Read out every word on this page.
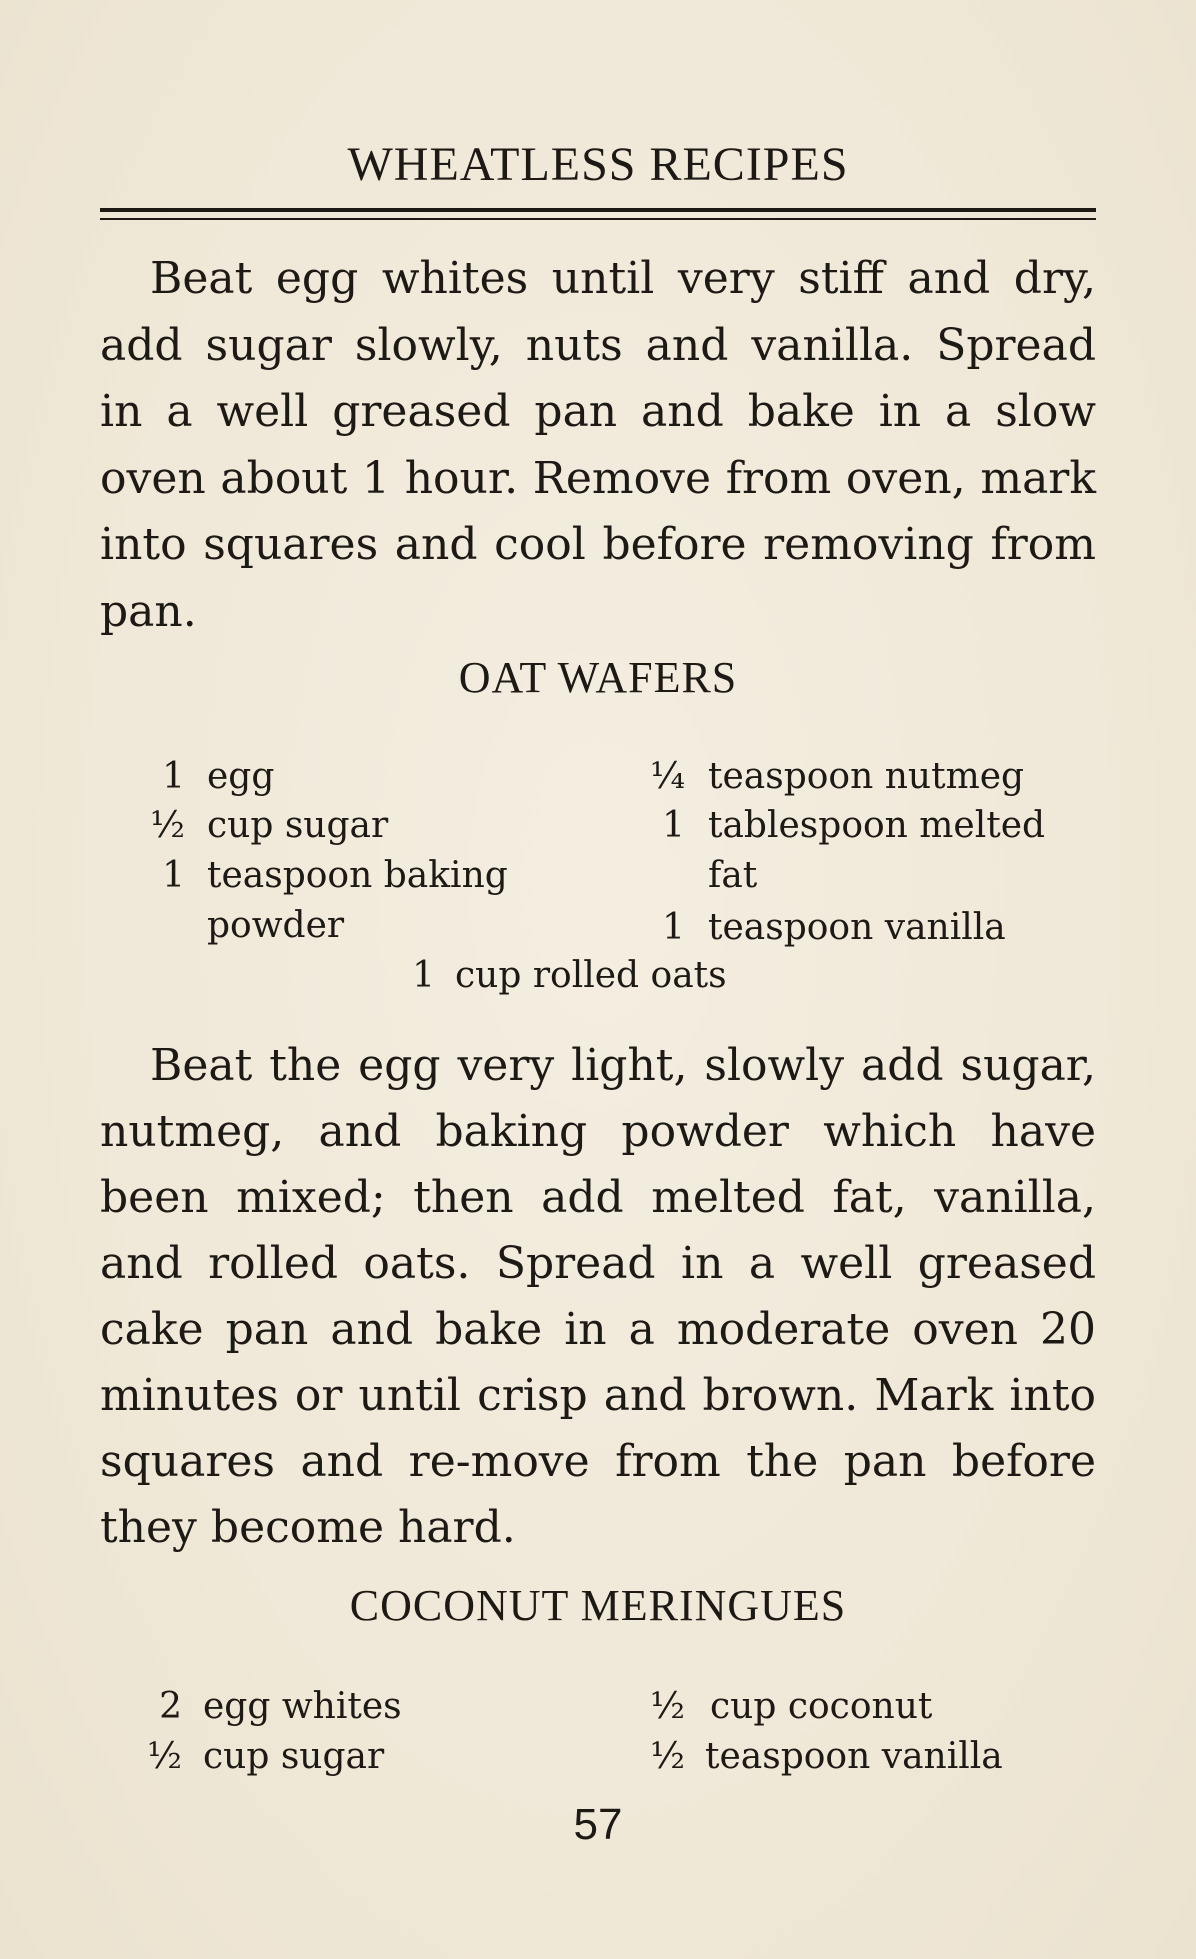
WHEATLESS RECIPES

Beat egg whites until very stiff and dry, add sugar slowly, nuts and vanilla. Spread in a well greased pan and bake in a slow oven about 1 hour. Remove from oven, mark into squares and cool before removing from pan.

OAT WAFERS
1 egg
½ cup sugar
1 teaspoon baking
powder
¼ teaspoon nutmeg
1 tablespoon melted
fat
1 teaspoon vanilla
1 cup rolled oats

Beat the egg very light, slowly add sugar, nutmeg, and baking powder which have been mixed; then add melted fat, vanilla, and rolled oats. Spread in a well greased cake pan and bake in a moderate oven 20 minutes or until crisp and brown. Mark into squares and re-move from the pan before they become hard.

COCONUT MERINGUES
2 egg whites
½ cup sugar
½ cup coconut
½ teaspoon vanilla
57
